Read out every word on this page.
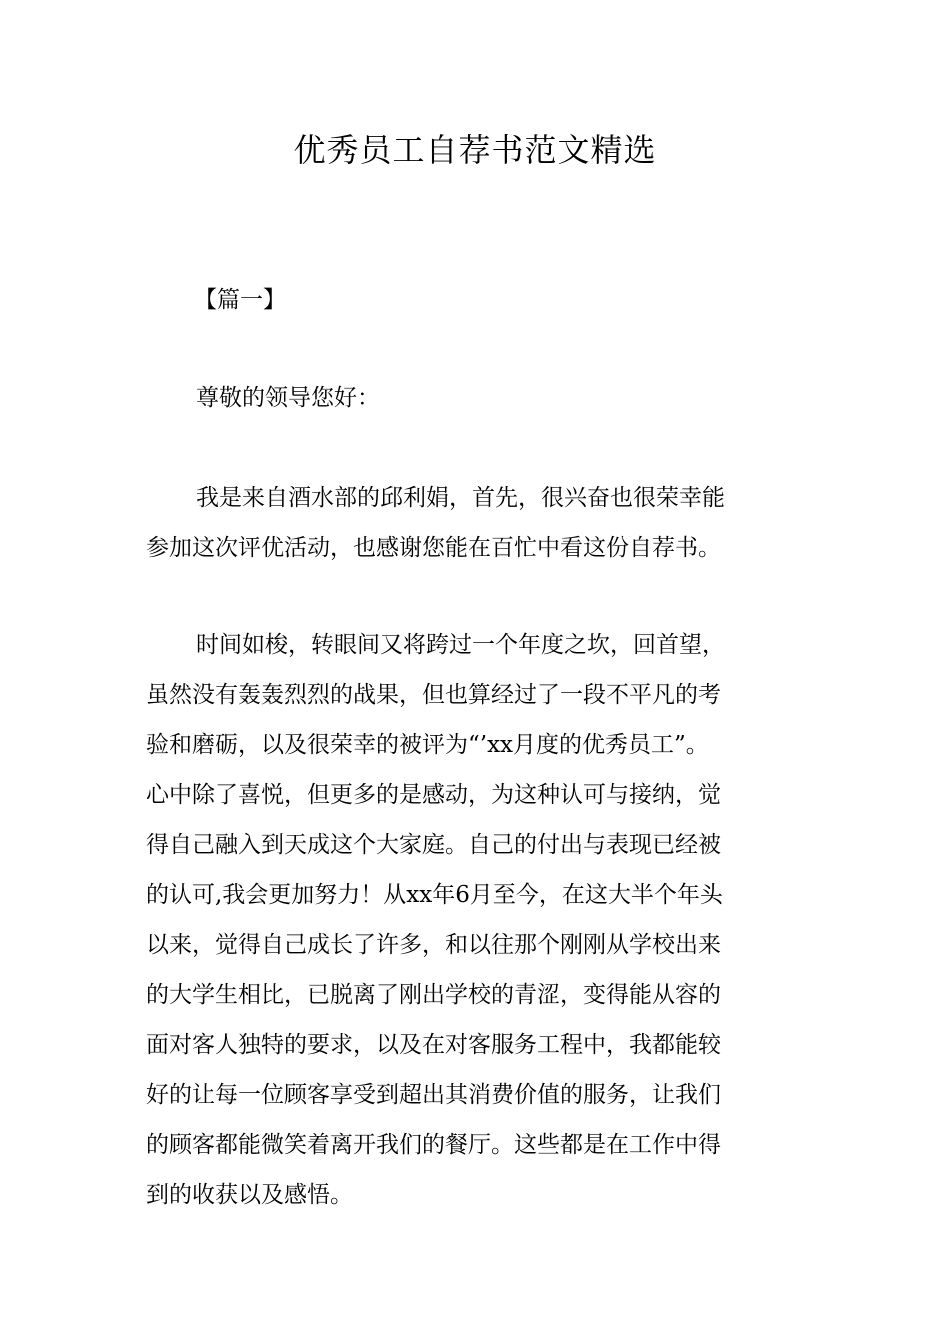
优秀员工自荐书范文精选

【篇一】

尊敬的领导您好：

我是来自酒水部的邱利娟，首先，很兴奋也很荣幸能
参加这次评优活动，也感谢您能在百忙中看这份自荐书。
时间如梭，转眼间又将跨过一个年度之坎，回首望，
虽然没有轰轰烈烈的战果，但也算经过了一段不平凡的考
验和磨砺，以及很荣幸的被评为“’xx月度的优秀员工”。
心中除了喜悦，但更多的是感动，为这种认可与接纳，觉
得自己融入到天成这个大家庭。自己的付出与表现已经被
的认可,我会更加努力！从xx年6月至今，在这大半个年头
以来，觉得自己成长了许多，和以往那个刚刚从学校出来
的大学生相比，已脱离了刚出学校的青涩，变得能从容的
面对客人独特的要求，以及在对客服务工程中，我都能较
好的让每一位顾客享受到超出其消费价值的服务，让我们
的顾客都能微笑着离开我们的餐厅。这些都是在工作中得
到的收获以及感悟。
